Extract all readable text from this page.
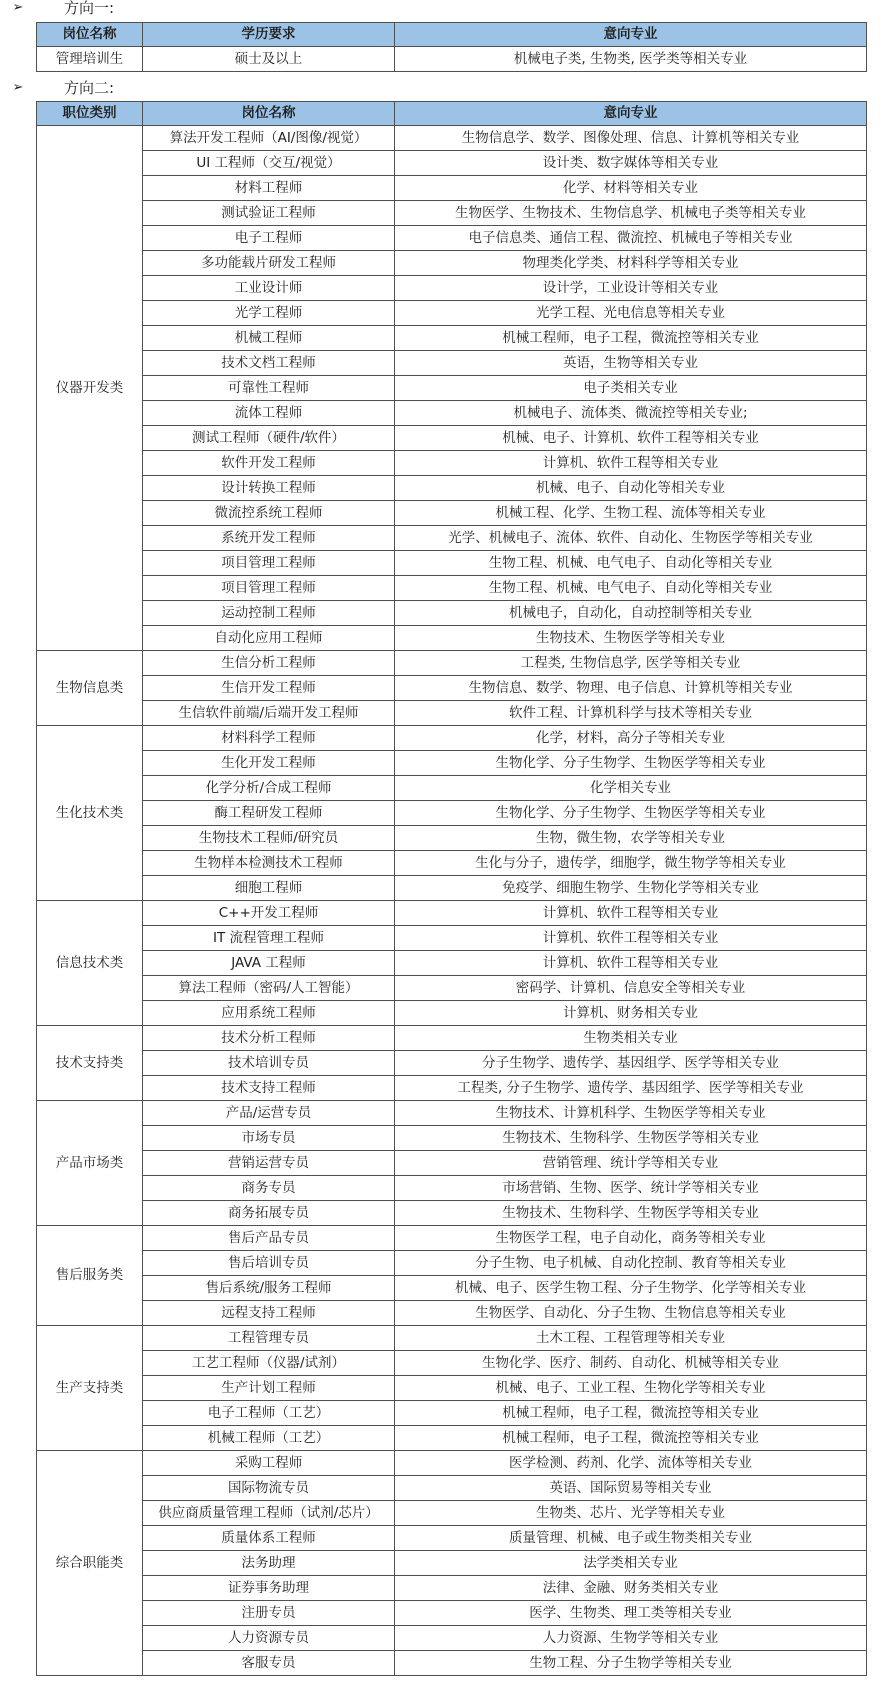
➢	方向一:
岗位名称	学历要求	意向专业
管理培训生	硕士及以上	机械电子类, 生物类, 医学类等相关专业
➢	方向二:
职位类别	岗位名称	意向专业
仪器开发类	算法开发工程师（AI/图像/视觉）	生物信息学、数学、图像处理、信息、计算机等相关专业
	UI 工程师（交互/视觉）	设计类、数字媒体等相关专业
	材料工程师	化学、材料等相关专业
	测试验证工程师	生物医学、生物技术、生物信息学、机械电子类等相关专业
	电子工程师	电子信息类、通信工程、微流控、机械电子等相关专业
	多功能载片研发工程师	物理类化学类、材料科学等相关专业
	工业设计师	设计学，工业设计等相关专业
	光学工程师	光学工程、光电信息等相关专业
	机械工程师	机械工程师，电子工程，微流控等相关专业
	技术文档工程师	英语，生物等相关专业
	可靠性工程师	电子类相关专业
	流体工程师	机械电子、流体类、微流控等相关专业;
	测试工程师（硬件/软件）	机械、电子、计算机、软件工程等相关专业
	软件开发工程师	计算机、软件工程等相关专业
	设计转换工程师	机械、电子、自动化等相关专业
	微流控系统工程师	机械工程、化学、生物工程、流体等相关专业
	系统开发工程师	光学、机械电子、流体、软件、自动化、生物医学等相关专业
	项目管理工程师	生物工程、机械、电气电子、自动化等相关专业
	项目管理工程师	生物工程、机械、电气电子、自动化等相关专业
	运动控制工程师	机械电子，自动化，自动控制等相关专业
	自动化应用工程师	生物技术、生物医学等相关专业
生物信息类	生信分析工程师	工程类, 生物信息学, 医学等相关专业
	生信开发工程师	生物信息、数学、物理、电子信息、计算机等相关专业
	生信软件前端/后端开发工程师	软件工程、计算机科学与技术等相关专业
生化技术类	材料科学工程师	化学，材料，高分子等相关专业
	生化开发工程师	生物化学、分子生物学、生物医学等相关专业
	化学分析/合成工程师	化学相关专业
	酶工程研发工程师	生物化学、分子生物学、生物医学等相关专业
	生物技术工程师/研究员	生物，微生物，农学等相关专业
	生物样本检测技术工程师	生化与分子，遗传学，细胞学，微生物学等相关专业
	细胞工程师	免疫学、细胞生物学、生物化学等相关专业
信息技术类	C++开发工程师	计算机、软件工程等相关专业
	IT 流程管理工程师	计算机、软件工程等相关专业
	JAVA 工程师	计算机、软件工程等相关专业
	算法工程师（密码/人工智能）	密码学、计算机、信息安全等相关专业
	应用系统工程师	计算机、财务相关专业
技术支持类	技术分析工程师	生物类相关专业
	技术培训专员	分子生物学、遗传学、基因组学、医学等相关专业
	技术支持工程师	工程类, 分子生物学、遗传学、基因组学、医学等相关专业
产品市场类	产品/运营专员	生物技术、计算机科学、生物医学等相关专业
	市场专员	生物技术、生物科学、生物医学等相关专业
	营销运营专员	营销管理、统计学等相关专业
	商务专员	市场营销、生物、医学、统计学等相关专业
	商务拓展专员	生物技术、生物科学、生物医学等相关专业
售后服务类	售后产品专员	生物医学工程，电子自动化，商务等相关专业
	售后培训专员	分子生物、电子机械、自动化控制、教育等相关专业
	售后系统/服务工程师	机械、电子、医学生物工程、分子生物学、化学等相关专业
	远程支持工程师	生物医学、自动化、分子生物、生物信息等相关专业
生产支持类	工程管理专员	土木工程、工程管理等相关专业
	工艺工程师（仪器/试剂）	生物化学、医疗、制药、自动化、机械等相关专业
	生产计划工程师	机械、电子、工业工程、生物化学等相关专业
	电子工程师（工艺）	机械工程师，电子工程，微流控等相关专业
	机械工程师（工艺）	机械工程师，电子工程，微流控等相关专业
综合职能类	采购工程师	医学检测、药剂、化学、流体等相关专业
	国际物流专员	英语、国际贸易等相关专业
	供应商质量管理工程师（试剂/芯片）	生物类、芯片、光学等相关专业
	质量体系工程师	质量管理、机械、电子或生物类相关专业
	法务助理	法学类相关专业
	证券事务助理	法律、金融、财务类相关专业
	注册专员	医学、生物类、理工类等相关专业
	人力资源专员	人力资源、生物学等相关专业
	客服专员	生物工程、分子生物学等相关专业
